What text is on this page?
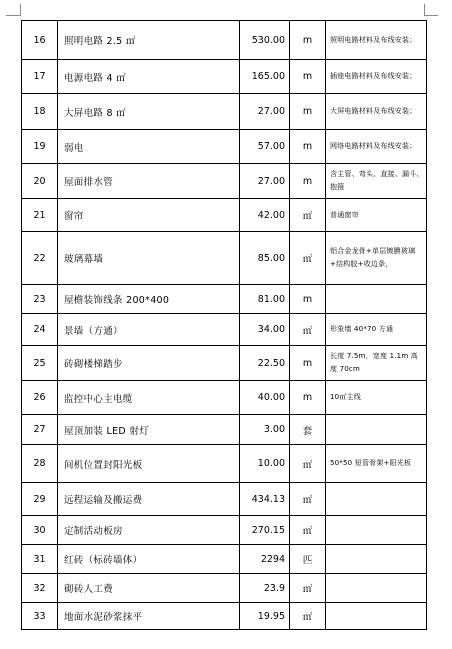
16	照明电路 2.5 ㎡	530.00	m	照明电路材料及布线安装；
17	电源电路 4 ㎡	165.00	m	插座电路材料及布线安装；
18	大屏电路 8 ㎡	27.00	m	大屏电路材料及布线安装；
19	弱电	57.00	m	网络电路材料及布线安装；
20	屋面排水管	27.00	m	含主管、弯头、直接、漏斗、抱箍
21	窗帘	42.00	㎡	普通窗帘
22	玻璃幕墙	85.00	㎡	铝合金龙骨+单层镀膜玻璃+结构胶+收边条，
23	屋檐装饰线条 200*400	81.00	m	
24	景墙（方通）	34.00	㎡	形象墙 40*70 方通
25	砖砌楼梯踏步	22.50	m	长度 7.5m，宽度 1.1m 高度 70cm
26	监控中心主电缆	40.00	m	10㎡主线
27	屋顶加装 LED 射灯	3.00	套	
28	间机位置封阳光板	10.00	㎡	50*50 短管骨架+阳光板
29	远程运输及搬运费	434.13	㎡	
30	定制活动板房	270.15	㎡	
31	红砖（标砖墙体）	2294	匹	
32	砌砖人工费	23.9	㎡	
33	地面水泥砂浆抹平	19.95	㎡	
